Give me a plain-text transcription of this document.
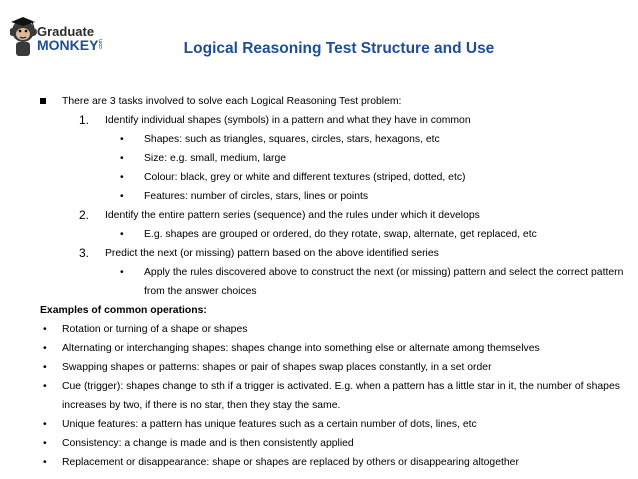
Graduate
MONKEY .com	Logical Reasoning Test Structure and Use
There are 3 tasks involved to solve each Logical Reasoning Test problem:
1. Identify individual shapes (symbols) in a pattern and what they have in common
• Shapes: such as triangles, squares, circles, stars, hexagons, etc
• Size: e.g. small, medium, large
• Colour: black, grey or white and different textures (striped, dotted, etc)
• Features: number of circles, stars, lines or points
2. Identify the entire pattern series (sequence) and the rules under which it develops
• E.g. shapes are grouped or ordered, do they rotate, swap, alternate, get replaced, etc
3. Predict the next (or missing) pattern based on the above identified series
• Apply the rules discovered above to construct the next (or missing) pattern and select the correct pattern from the answer choices
Examples of common operations:
• Rotation or turning of a shape or shapes
• Alternating or interchanging shapes: shapes change into something else or alternate among themselves
• Swapping shapes or patterns: shapes or pair of shapes swap places constantly, in a set order
• Cue (trigger): shapes change to sth if a trigger is activated. E.g. when a pattern has a little star in it, the number of shapes increases by two, if there is no star, then they stay the same.
• Unique features: a pattern has unique features such as a certain number of dots, lines, etc
• Consistency: a change is made and is then consistently applied
• Replacement or disappearance: shape or shapes are replaced by others or disappearing altogether
